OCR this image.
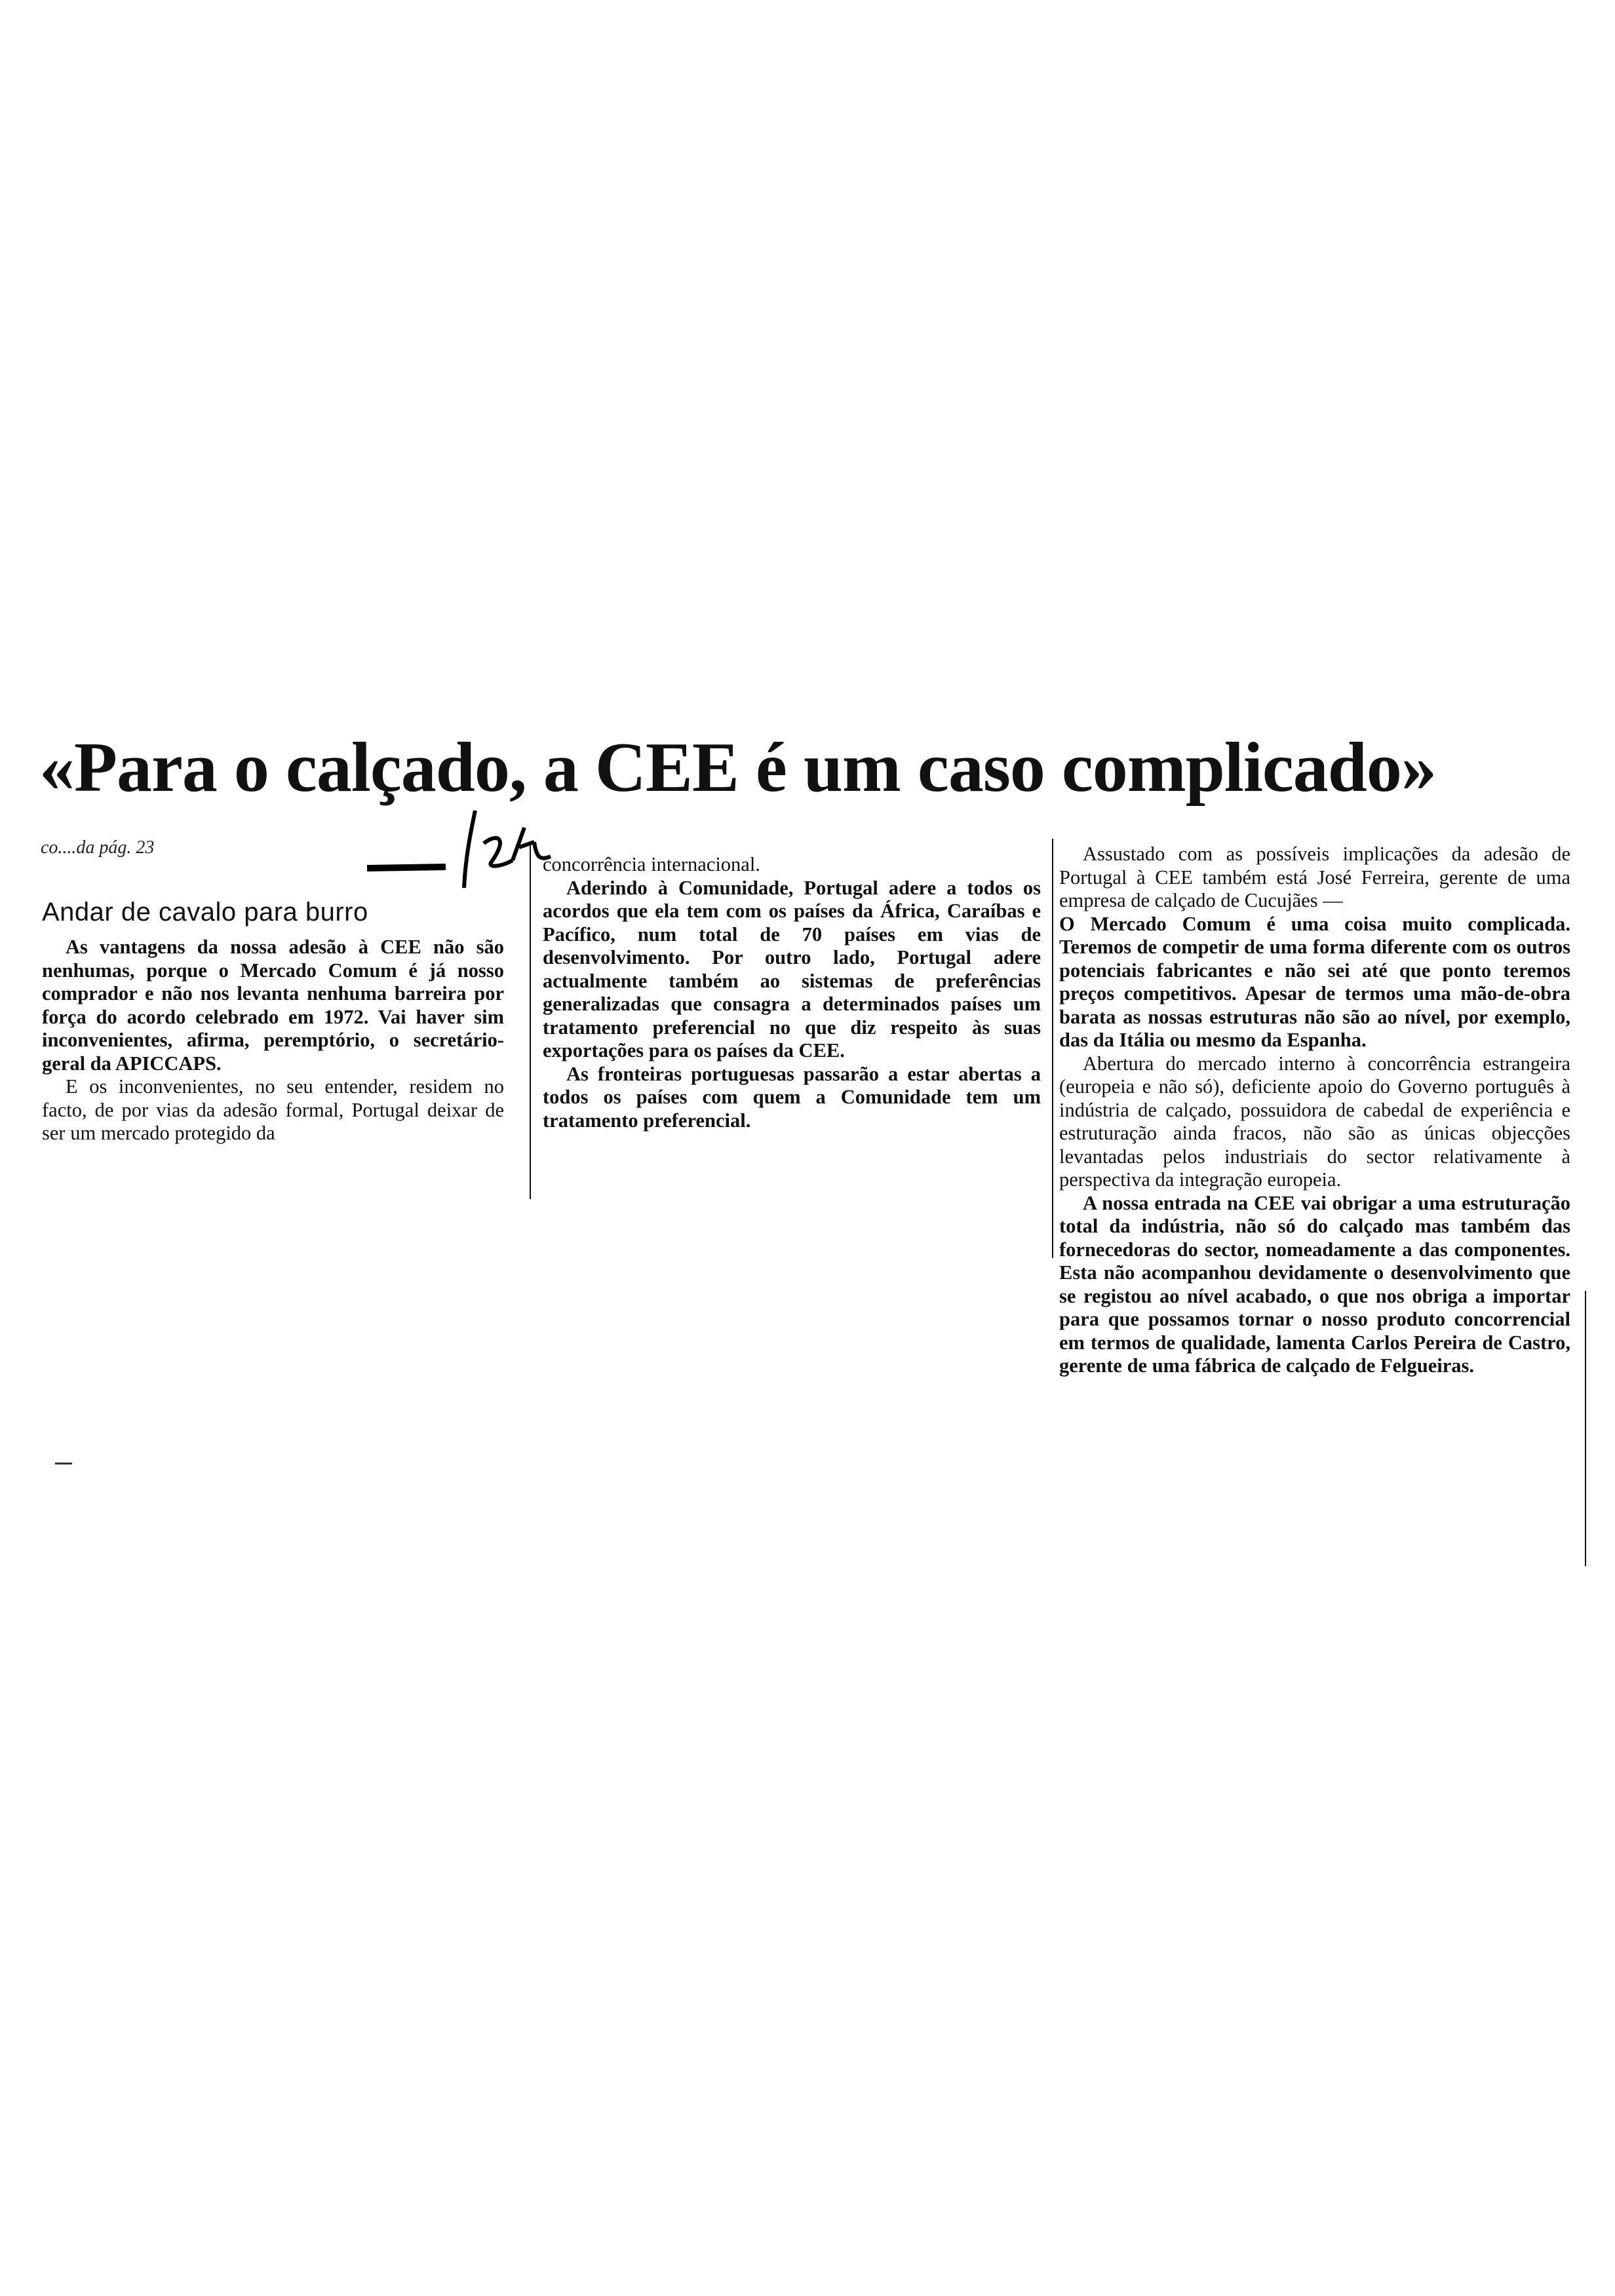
«Para o calçado, a CEE é um caso complicado»
co....da pág. 23
Andar de cavalo para burro

As vantagens da nossa adesão à CEE não são nenhumas, porque o Mercado Comum é já nosso comprador e não nos levanta nenhuma barreira por força do acordo celebrado em 1972. Vai haver sim inconvenientes, afirma, peremptório, o secretário-geral da APICCAPS.

E os inconvenientes, no seu entender, residem no facto, de por vias da adesão formal, Portugal deixar de ser um mercado protegido da

concorrência internacional.

Aderindo à Comunidade, Portugal adere a todos os acordos que ela tem com os países da África, Caraíbas e Pacífico, num total de 70 países em vias de desenvolvimento. Por outro lado, Portugal adere actualmente também ao sistemas de preferências generalizadas que consagra a determinados países um tratamento preferencial no que diz respeito às suas exportações para os países da CEE.

As fronteiras portuguesas passarão a estar abertas a todos os países com quem a Comunidade tem um tratamento preferencial.

Assustado com as possíveis implicações da adesão de Portugal à CEE também está José Ferreira, gerente de uma empresa de calçado de Cucujães —

O Mercado Comum é uma coisa muito complicada. Teremos de competir de uma forma diferente com os outros potenciais fabricantes e não sei até que ponto teremos preços competitivos. Apesar de termos uma mão-de-obra barata as nossas estruturas não são ao nível, por exemplo, das da Itália ou mesmo da Espanha.

Abertura do mercado interno à concorrência estrangeira (europeia e não só), deficiente apoio do Governo português à indústria de calçado, possuidora de cabedal de experiência e estruturação ainda fracos, não são as únicas objecções levantadas pelos industriais do sector relativamente à perspectiva da integração europeia.

A nossa entrada na CEE vai obrigar a uma estruturação total da indústria, não só do calçado mas também das fornecedoras do sector, nomeadamente a das componentes. Esta não acompanhou devidamente o desenvolvimento que se registou ao nível acabado, o que nos obriga a importar para que possamos tornar o nosso produto concorrencial em termos de qualidade, lamenta Carlos Pereira de Castro, gerente de uma fábrica de calçado de Felgueiras.
